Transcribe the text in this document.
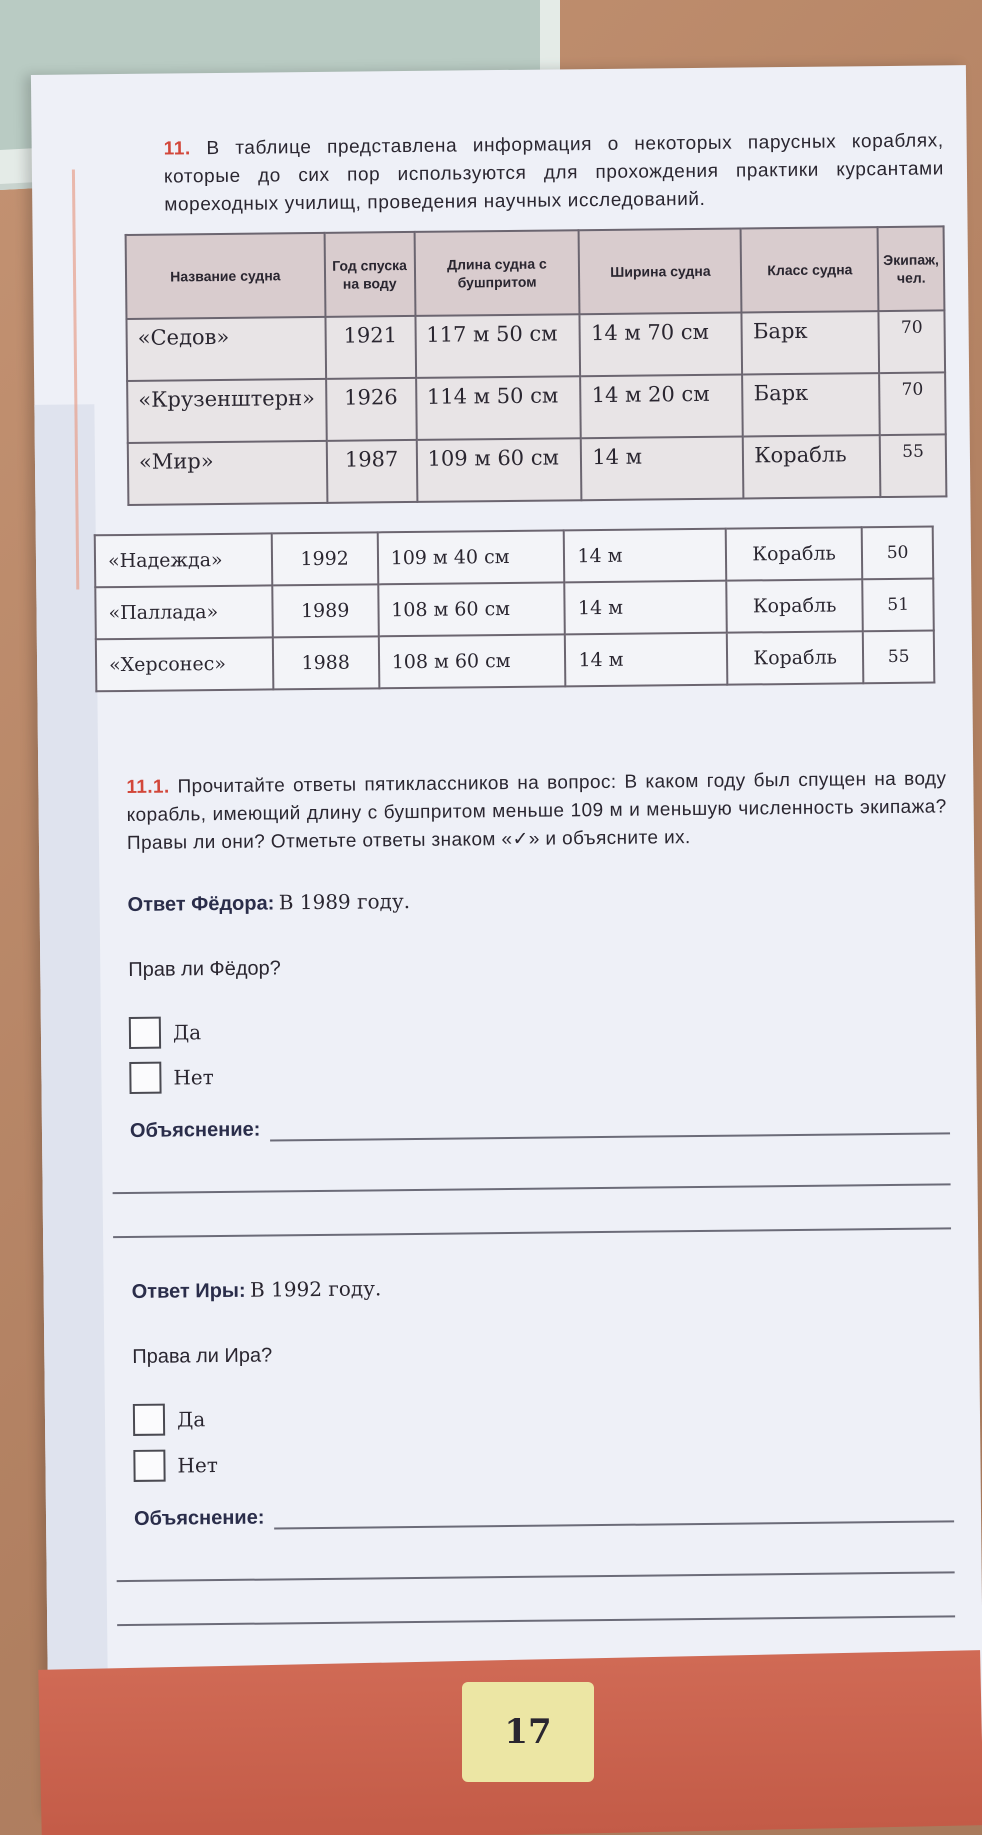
11. В таблице представлена информация о некоторых парусных кораблях, которые до сих пор используются для прохождения практики курсантами мореходных училищ, проведения научных исследований.

Название судна	Год спуска на воду	Длина судна с бушпритом	Ширина судна	Класс судна	Экипаж, чел.
«Седов»	1921	117 м 50 см	14 м 70 см	Барк	70
«Крузенштерн»	1926	114 м 50 см	14 м 20 см	Барк	70
«Мир»	1987	109 м 60 см	14 м	Корабль	55
«Надежда»	1992	109 м 40 см	14 м	Корабль	50
«Паллада»	1989	108 м 60 см	14 м	Корабль	51
«Херсонес»	1988	108 м 60 см	14 м	Корабль	55

11.1. Прочитайте ответы пятиклассников на вопрос: В каком году был спущен на воду корабль, имеющий длину с бушпритом меньше 109 м и меньшую численность экипажа? Правы ли они? Отметьте ответы знаком «✓» и объясните их.

Ответ Фёдора: В 1989 году.
Прав ли Фёдор?
Да
Нет
Объяснение:
Ответ Иры: В 1992 году.
Права ли Ира?
Да
Нет
Объяснение:
17
